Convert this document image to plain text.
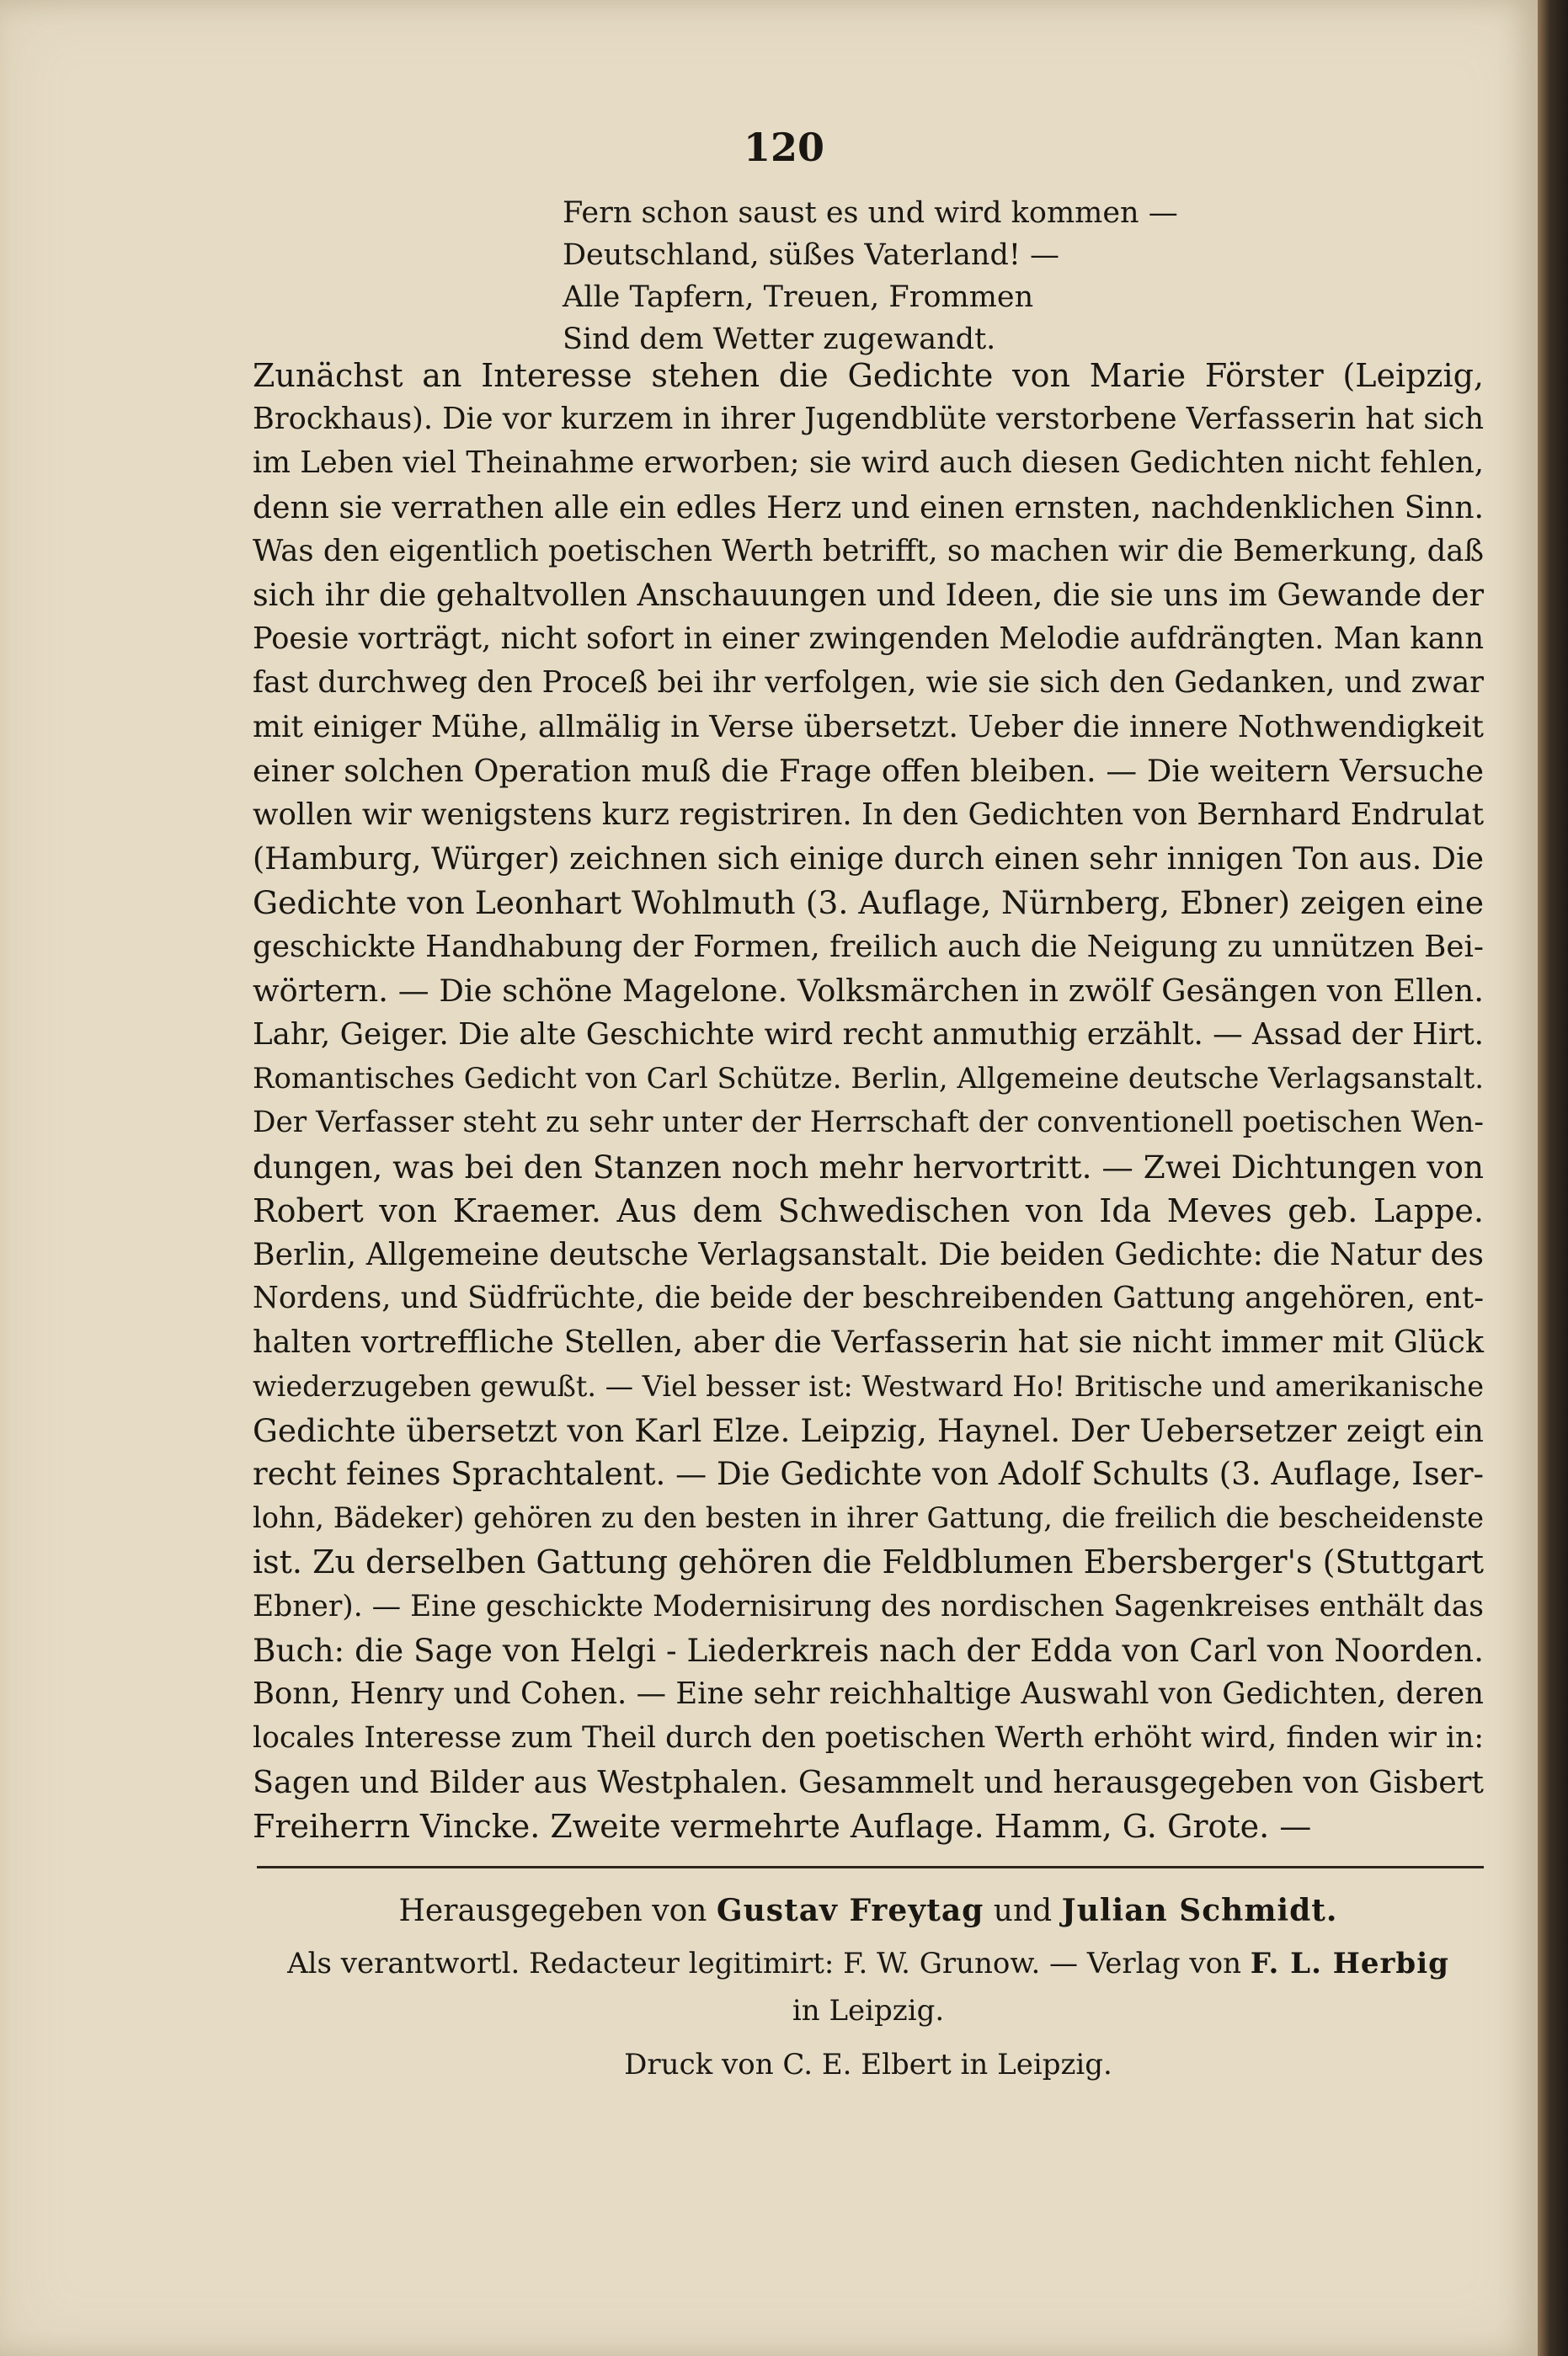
120
Fern schon saust es und wird kommen —
Deutschland, süßes Vaterland! —
Alle Tapfern, Treuen, Frommen
Sind dem Wetter zugewandt.
Zunächst an Interesse stehen die Gedichte von Marie Förster (Leipzig,
Brockhaus). Die vor kurzem in ihrer Jugendblüte verstorbene Verfasserin hat sich
im Leben viel Theinahme erworben; sie wird auch diesen Gedichten nicht fehlen,
denn sie verrathen alle ein edles Herz und einen ernsten, nachdenklichen Sinn.
Was den eigentlich poetischen Werth betrifft, so machen wir die Bemerkung, daß
sich ihr die gehaltvollen Anschauungen und Ideen, die sie uns im Gewande der
Poesie vorträgt, nicht sofort in einer zwingenden Melodie aufdrängten. Man kann
fast durchweg den Proceß bei ihr verfolgen, wie sie sich den Gedanken, und zwar
mit einiger Mühe, allmälig in Verse übersetzt. Ueber die innere Nothwendigkeit
einer solchen Operation muß die Frage offen bleiben. — Die weitern Versuche
wollen wir wenigstens kurz registriren. In den Gedichten von Bernhard Endrulat
(Hamburg, Würger) zeichnen sich einige durch einen sehr innigen Ton aus. Die
Gedichte von Leonhart Wohlmuth (3. Auflage, Nürnberg, Ebner) zeigen eine
geschickte Handhabung der Formen, freilich auch die Neigung zu unnützen Bei-
wörtern. — Die schöne Magelone. Volksmärchen in zwölf Gesängen von Ellen.
Lahr, Geiger. Die alte Geschichte wird recht anmuthig erzählt. — Assad der Hirt.
Romantisches Gedicht von Carl Schütze. Berlin, Allgemeine deutsche Verlagsanstalt.
Der Verfasser steht zu sehr unter der Herrschaft der conventionell poetischen Wen-
dungen, was bei den Stanzen noch mehr hervortritt. — Zwei Dichtungen von
Robert von Kraemer. Aus dem Schwedischen von Ida Meves geb. Lappe.
Berlin, Allgemeine deutsche Verlagsanstalt. Die beiden Gedichte: die Natur des
Nordens, und Südfrüchte, die beide der beschreibenden Gattung angehören, ent-
halten vortreffliche Stellen, aber die Verfasserin hat sie nicht immer mit Glück
wiederzugeben gewußt. — Viel besser ist: Westward Ho! Britische und amerikanische
Gedichte übersetzt von Karl Elze. Leipzig, Haynel. Der Uebersetzer zeigt ein
recht feines Sprachtalent. — Die Gedichte von Adolf Schults (3. Auflage, Iser-
lohn, Bädeker) gehören zu den besten in ihrer Gattung, die freilich die bescheidenste
ist. Zu derselben Gattung gehören die Feldblumen Ebersberger's (Stuttgart
Ebner). — Eine geschickte Modernisirung des nordischen Sagenkreises enthält das
Buch: die Sage von Helgi - Liederkreis nach der Edda von Carl von Noorden.
Bonn, Henry und Cohen. — Eine sehr reichhaltige Auswahl von Gedichten, deren
locales Interesse zum Theil durch den poetischen Werth erhöht wird, finden wir in:
Sagen und Bilder aus Westphalen. Gesammelt und herausgegeben von Gisbert
Freiherrn Vincke. Zweite vermehrte Auflage. Hamm, G. Grote. —
Herausgegeben von Gustav Freytag und Julian Schmidt.
Als verantwortl. Redacteur legitimirt: F. W. Grunow. — Verlag von F. L. Herbig
in Leipzig.
Druck von C. E. Elbert in Leipzig.
